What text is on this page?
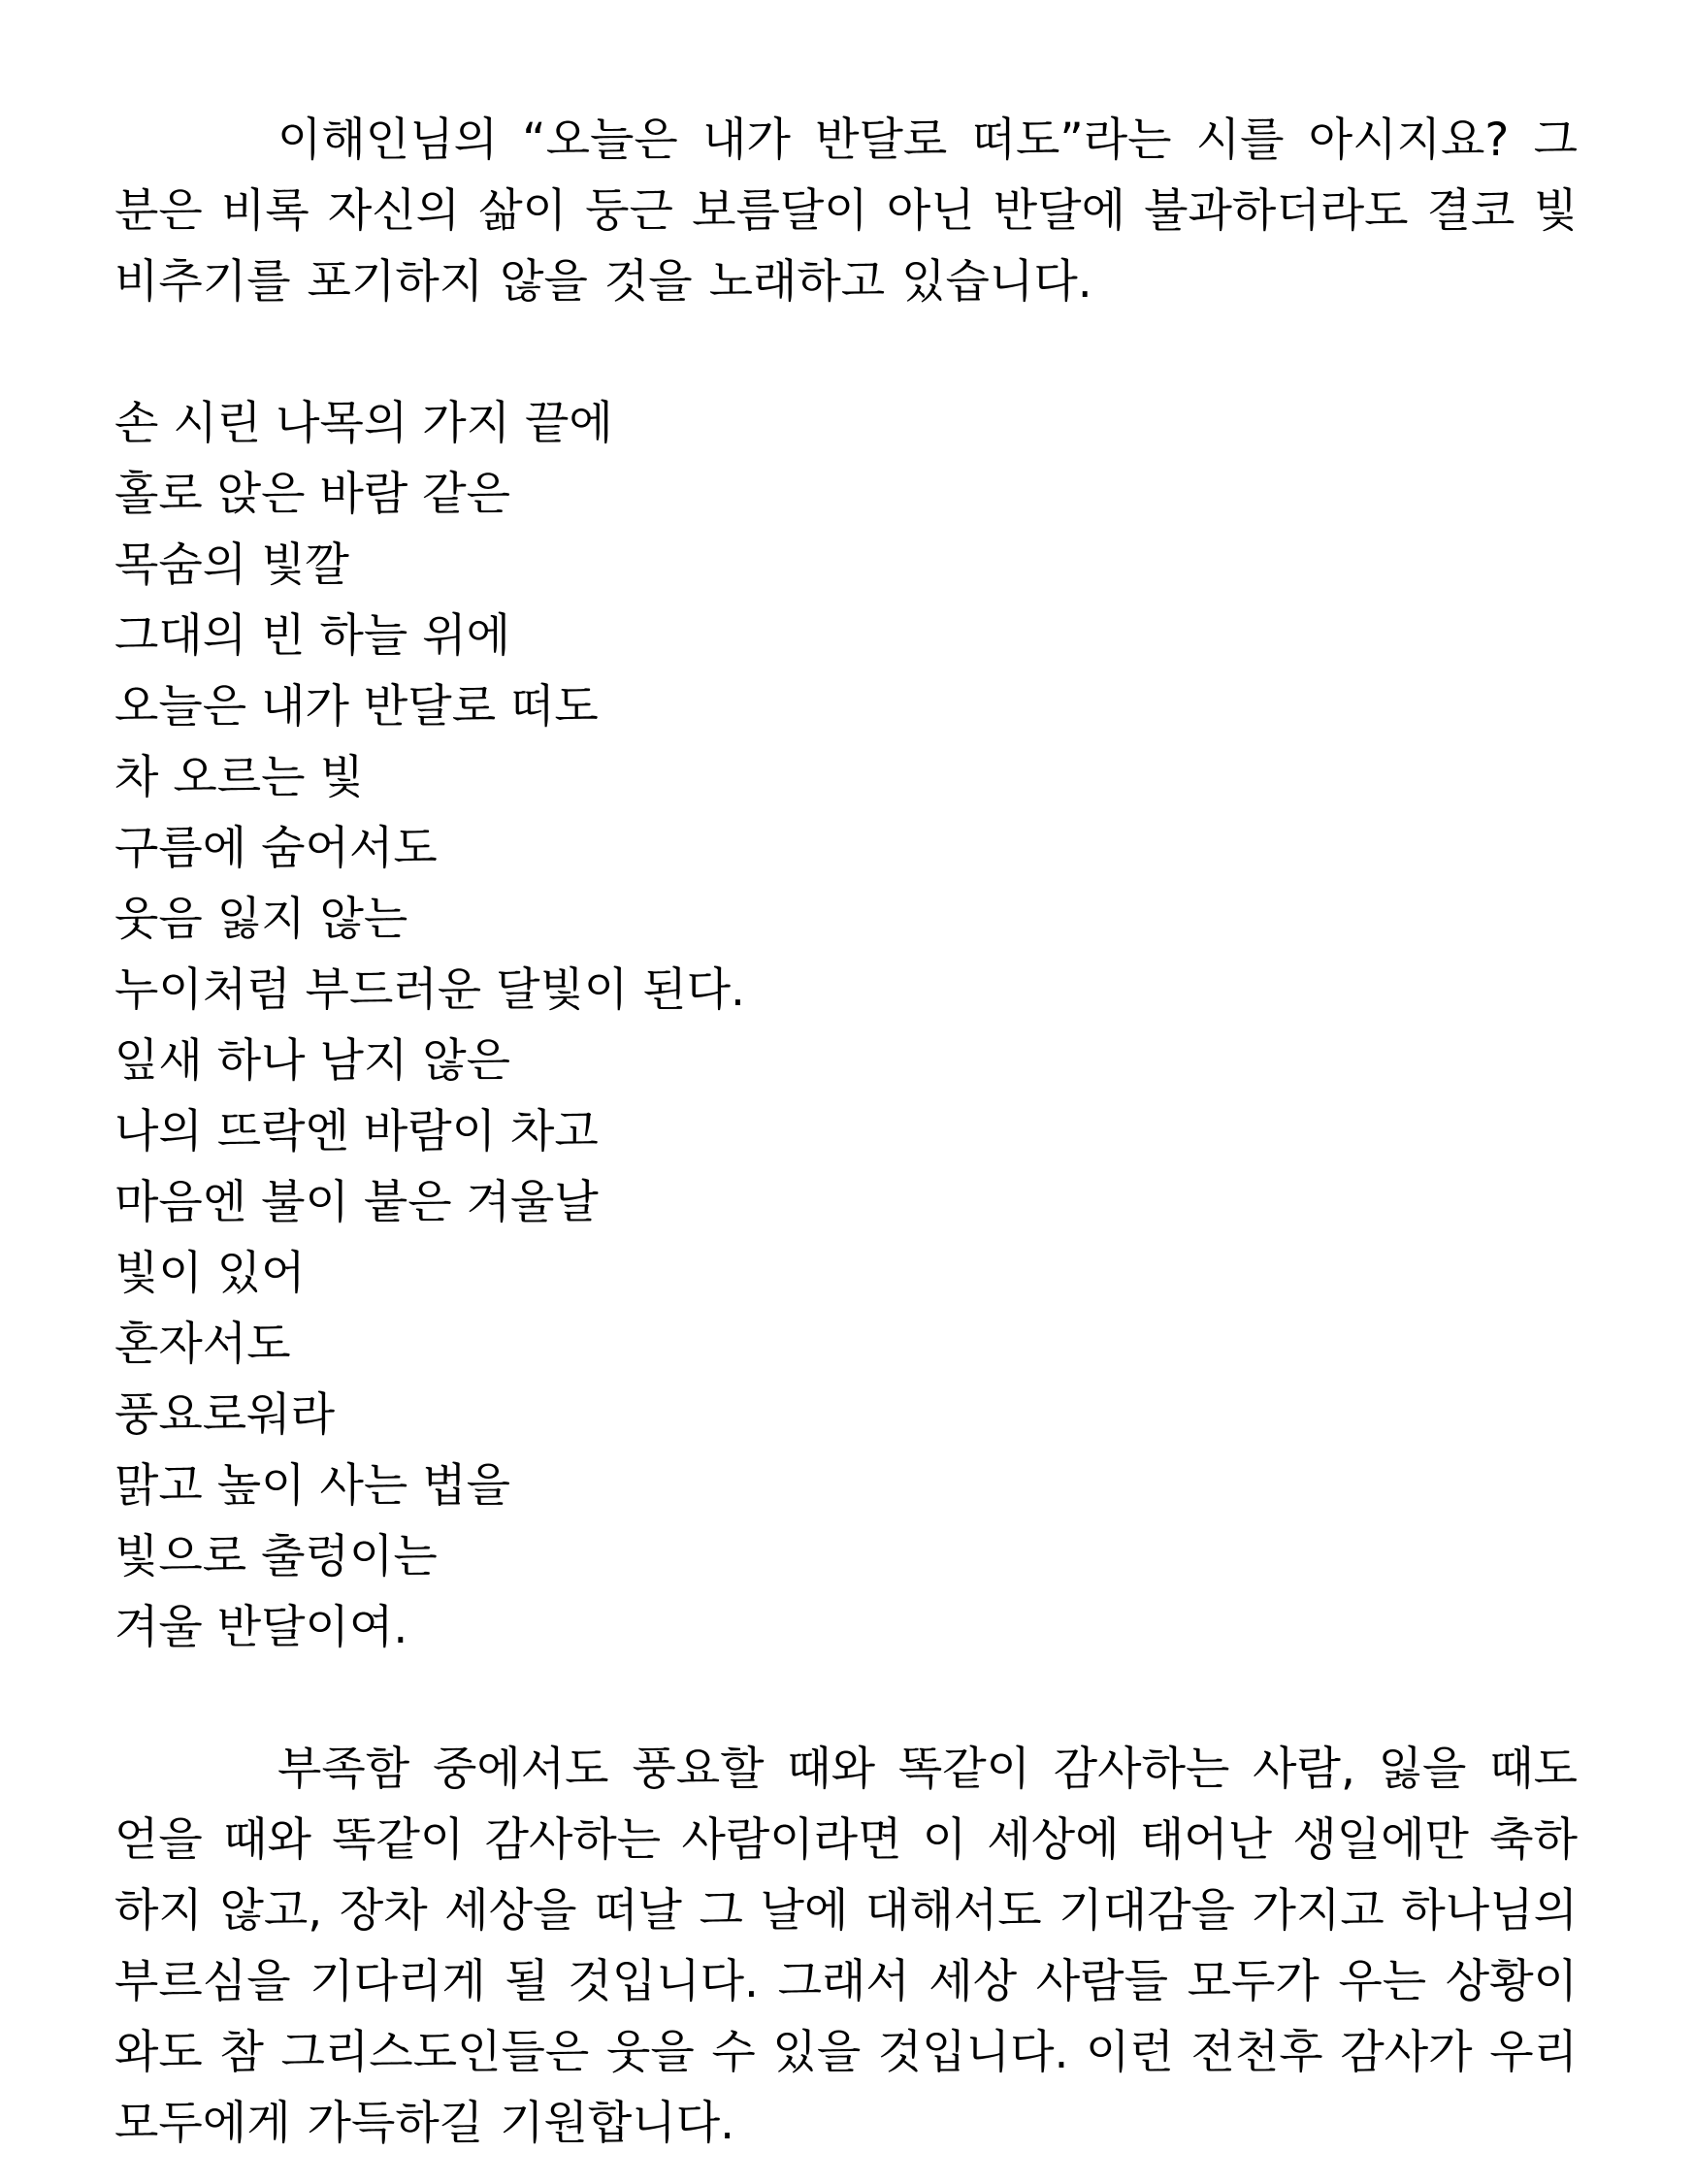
이해인님의 “오늘은 내가 반달로 떠도”라는 시를 아시지요? 그 분은 비록 자신의 삶이 둥근 보름달이 아닌 반달에 불과하더라도 결코 빛 비추기를 포기하지 않을 것을 노래하고 있습니다.

손 시린 나목의 가지 끝에
홀로 앉은 바람 같은
목숨의 빛깔
그대의 빈 하늘 위에
오늘은 내가 반달로 떠도
차 오르는 빛
구름에 숨어서도
웃음 잃지 않는
누이처럼 부드러운 달빛이 된다.
잎새 하나 남지 않은
나의 뜨락엔 바람이 차고
마음엔 불이 붙은 겨울날
빛이 있어
혼자서도
풍요로워라
맑고 높이 사는 법을
빛으로 출렁이는
겨울 반달이여.

부족함 중에서도 풍요할 때와 똑같이 감사하는 사람, 잃을 때도 얻을 때와 똑같이 감사하는 사람이라면 이 세상에 태어난 생일에만 축하하지 않고, 장차 세상을 떠날 그 날에 대해서도 기대감을 가지고 하나님의 부르심을 기다리게 될 것입니다. 그래서 세상 사람들 모두가 우는 상황이 와도 참 그리스도인들은 웃을 수 있을 것입니다. 이런 전천후 감사가 우리 모두에게 가득하길 기원합니다.
